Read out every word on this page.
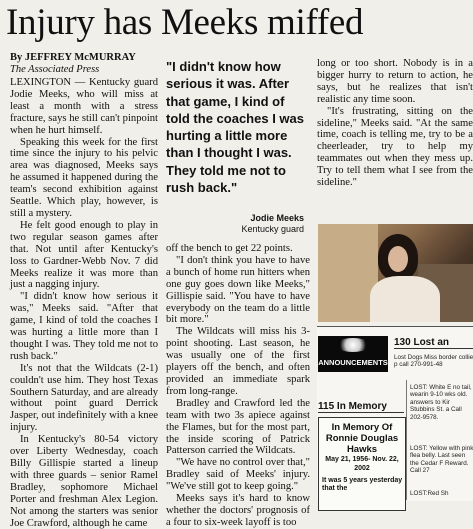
Injury has Meeks miffed
By JEFFREY McMURRAY
The Associated Press

LEXINGTON — Kentucky guard Jodie Meeks, who will miss at least a month with a stress fracture, says he still can't pinpoint when he hurt himself.

Speaking this week for the first time since the injury to his pelvic area was diagnosed, Meeks says he assumed it happened during the team's second exhibition against Seattle. Which play, however, is still a mystery.

He felt good enough to play in two regular season games after that. Not until after Kentucky's loss to Gardner-Webb Nov. 7 did Meeks realize it was more than just a nagging injury.

"I didn't know how serious it was," Meeks said. "After that game, I kind of told the coaches I was hurting a little more than I thought I was. They told me not to rush back."

It's not that the Wildcats (2-1) couldn't use him. They host Texas Southern Saturday, and are already without point guard Derrick Jasper, out indefinitely with a knee injury.

In Kentucky's 80-54 victory over Liberty Wednesday, coach Billy Gillispie started a lineup with three guards – senior Ramel Bradley, sophomore Michael Porter and freshman Alex Legion. Not among the starters was senior Joe Crawford, although he came

"I didn't know how serious it was. After that game, I kind of told the coaches I was hurting a little more than I thought I was. They told me not to rush back."
Jodie Meeks
Kentucky guard

off the bench to get 22 points.

"I don't think you have to have a bunch of home run hitters when one guy goes down like Meeks," Gillispie said. "You have to have everybody on the team do a little bit more."

The Wildcats will miss his 3-point shooting. Last season, he was usually one of the first players off the bench, and often provided an immediate spark from long-range.

Bradley and Crawford led the team with two 3s apiece against the Flames, but for the most part, the inside scoring of Patrick Patterson carried the Wildcats.

"We have no control over that," Bradley said of Meeks' injury. "We've still got to keep going."

Meeks says it's hard to know whether the doctors' prognosis of a four to six-week layoff is too

long or too short. Nobody is in a bigger hurry to return to action, he says, but he realizes that isn't realistic any time soon.

"It's frustrating, sitting on the sideline," Meeks said. "At the same time, coach is telling me, try to be a cheerleader, try to help my teammates out when they mess up. Try to tell them what I see from the sideline."

ANNOUNCEMENTS
130 Lost an
Lost Dogs Miss border collie p call 270-991-48
LOST: White E no tail, wearin 9-10 wks old. answers to Kir Stubbins St. a Call 202-9578.
LOST: Yellow with pink flea belly. Last seen the Cedar F Reward. Call 27
LOST:Red Sh
115 In Memory
In Memory Of
Ronnie Douglas Hawks
May 21, 1956- Nov. 22, 2002
It was 5 years yesterday that the
